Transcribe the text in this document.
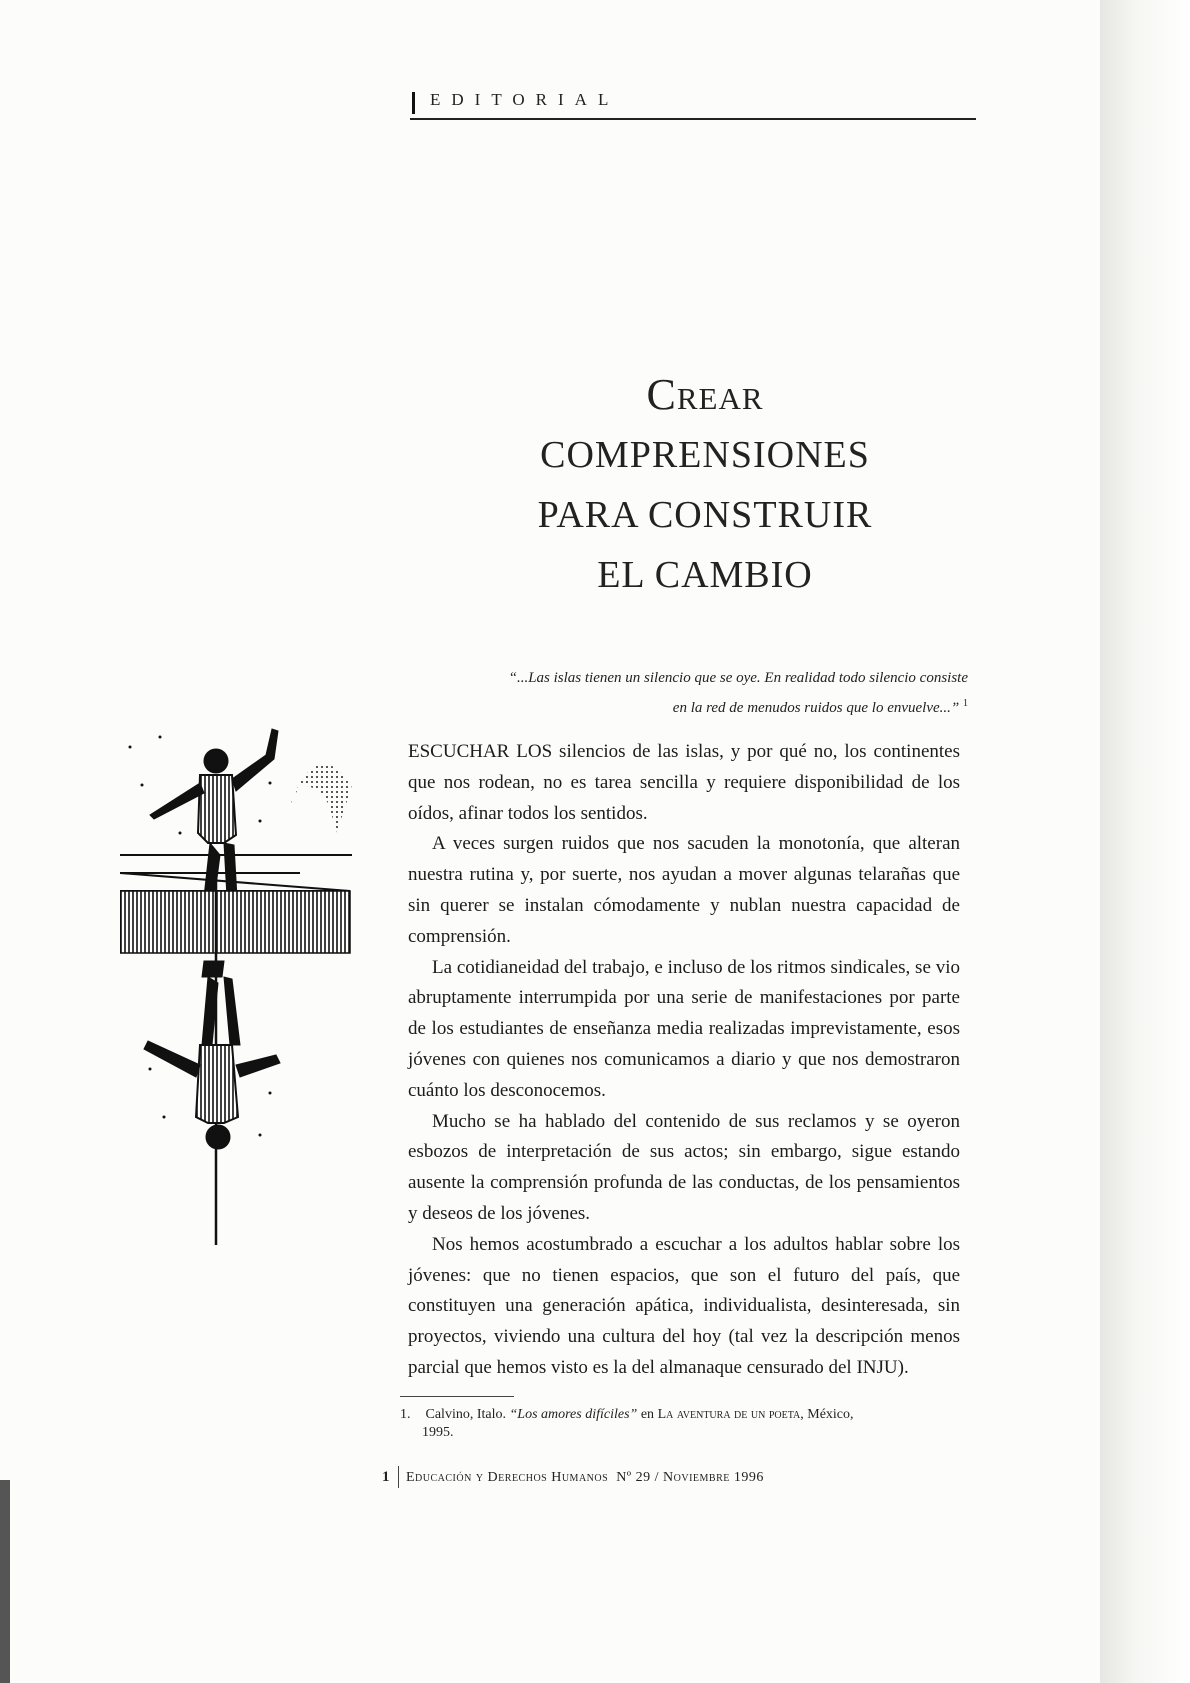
EDITORIAL
Crear
COMPRENSIONES
PARA CONSTRUIR
EL CAMBIO
“...Las islas tienen un silencio que se oye. En realidad todo silencio consiste
en la red de menudos ruidos que lo envuelve...” $^1$

ESCUCHAR LOS silencios de las islas, y por qué no, los continentes que nos rodean, no es tarea sencilla y requiere disponibilidad de los oídos, afinar todos los sentidos.

A veces surgen ruidos que nos sacuden la monotonía, que alteran nuestra rutina y, por suerte, nos ayudan a mover algunas telarañas que sin querer se instalan cómodamente y nublan nuestra capacidad de comprensión.

La cotidianeidad del trabajo, e incluso de los ritmos sindicales, se vio abruptamente interrumpida por una serie de manifestaciones por parte de los estudiantes de enseñanza media realizadas imprevistamente, esos jóvenes con quienes nos comunicamos a diario y que nos demostraron cuánto los desconocemos.

Mucho se ha hablado del contenido de sus reclamos y se oyeron esbozos de interpretación de sus actos; sin embargo, sigue estando ausente la comprensión profunda de las conductas, de los pensamientos y deseos de los jóvenes.

Nos hemos acostumbrado a escuchar a los adultos hablar sobre los jóvenes: que no tienen espacios, que son el futuro del país, que constituyen una generación apática, individualista, desinteresada, sin proyectos, viviendo una cultura del hoy (tal vez la descripción menos parcial que hemos visto es la del almanaque censurado del INJU).

1. Calvino, Italo. “Los amores difíciles” en La aventura de un poeta, México,
1995.
1 Educación y Derechos Humanos Nº 29 / Noviembre 1996
